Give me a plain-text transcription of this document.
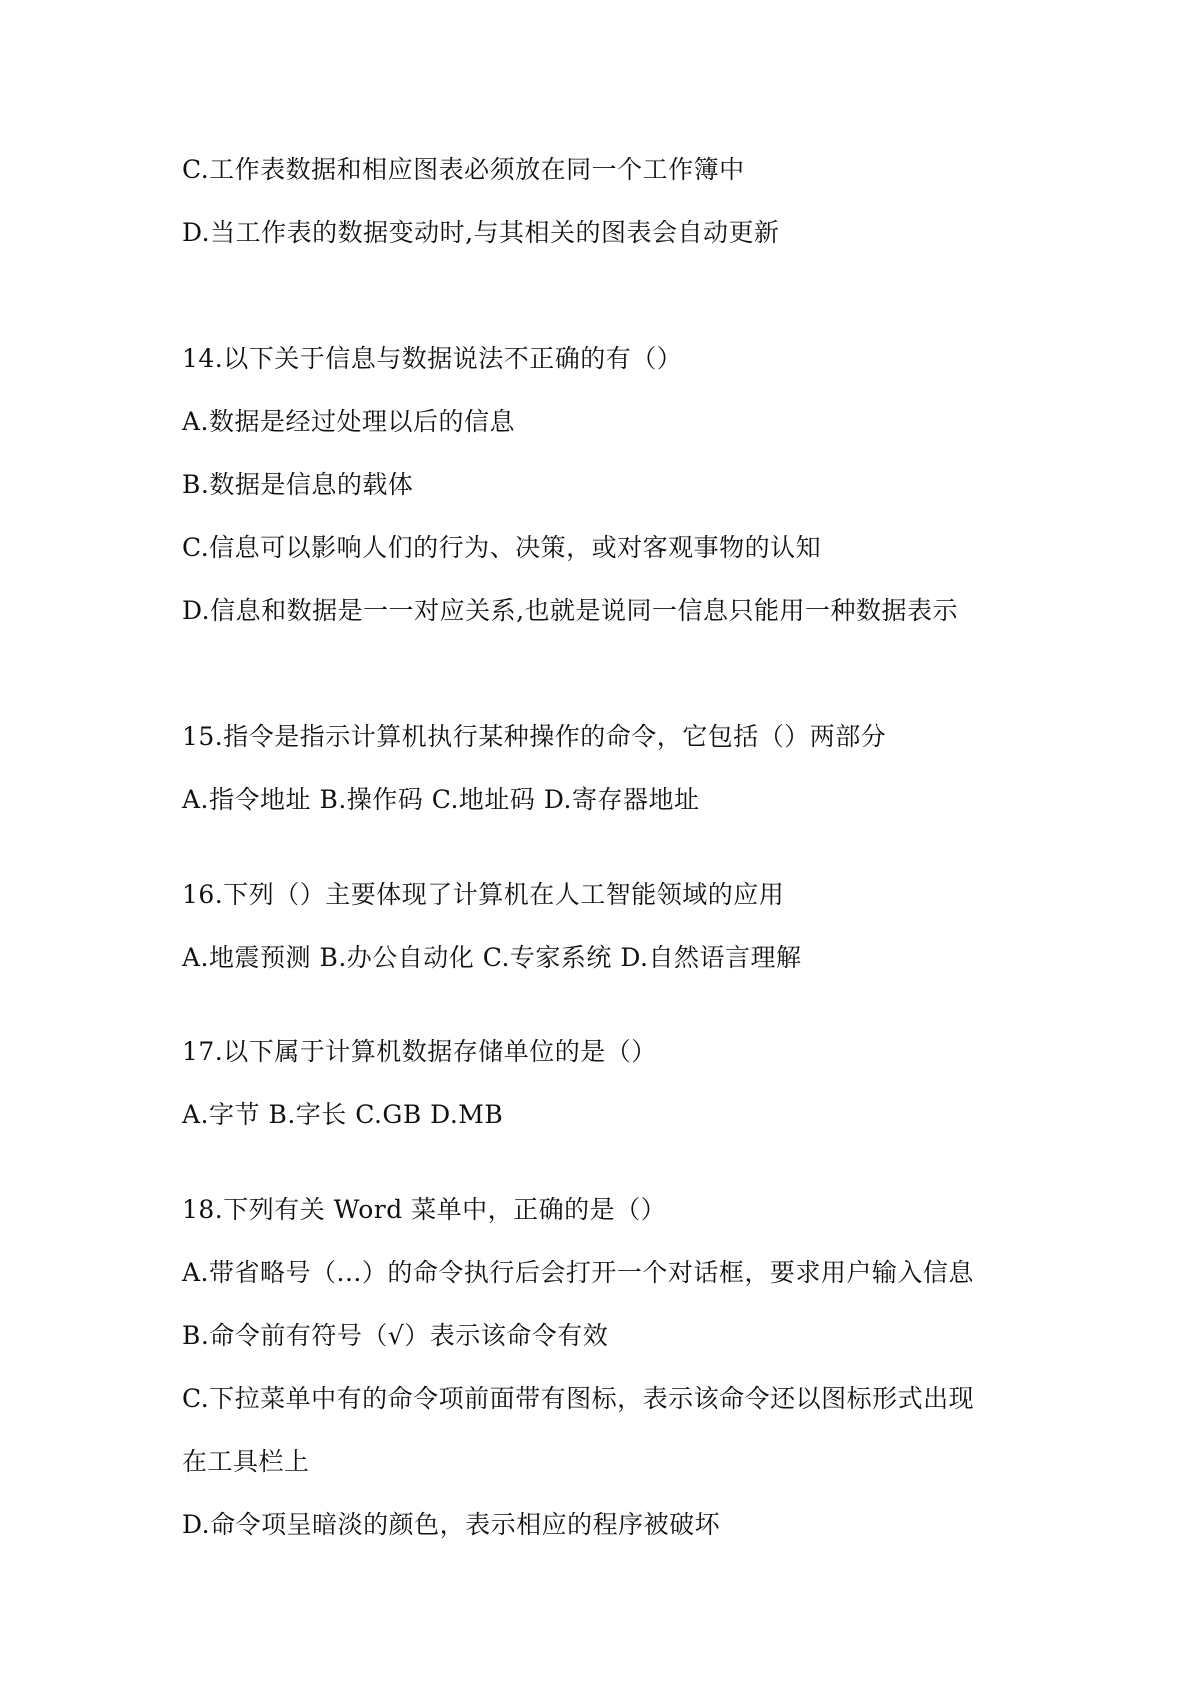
C.工作表数据和相应图表必须放在同一个工作簿中
D.当工作表的数据变动时,与其相关的图表会自动更新
14.以下关于信息与数据说法不正确的有（）
A.数据是经过处理以后的信息
B.数据是信息的载体
C.信息可以影响人们的行为、决策，或对客观事物的认知
D.信息和数据是一一对应关系,也就是说同一信息只能用一种数据表示
15.指令是指示计算机执行某种操作的命令，它包括（）两部分
A.指令地址 B.操作码 C.地址码 D.寄存器地址
16.下列（）主要体现了计算机在人工智能领域的应用
A.地震预测 B.办公自动化 C.专家系统 D.自然语言理解
17.以下属于计算机数据存储单位的是（）
A.字节 B.字长 C.GB D.MB
18.下列有关 Word 菜单中，正确的是（）
A.带省略号（...）的命令执行后会打开一个对话框，要求用户输入信息
B.命令前有符号（√）表示该命令有效
C.下拉菜单中有的命令项前面带有图标，表示该命令还以图标形式出现
在工具栏上
D.命令项呈暗淡的颜色，表示相应的程序被破坏
